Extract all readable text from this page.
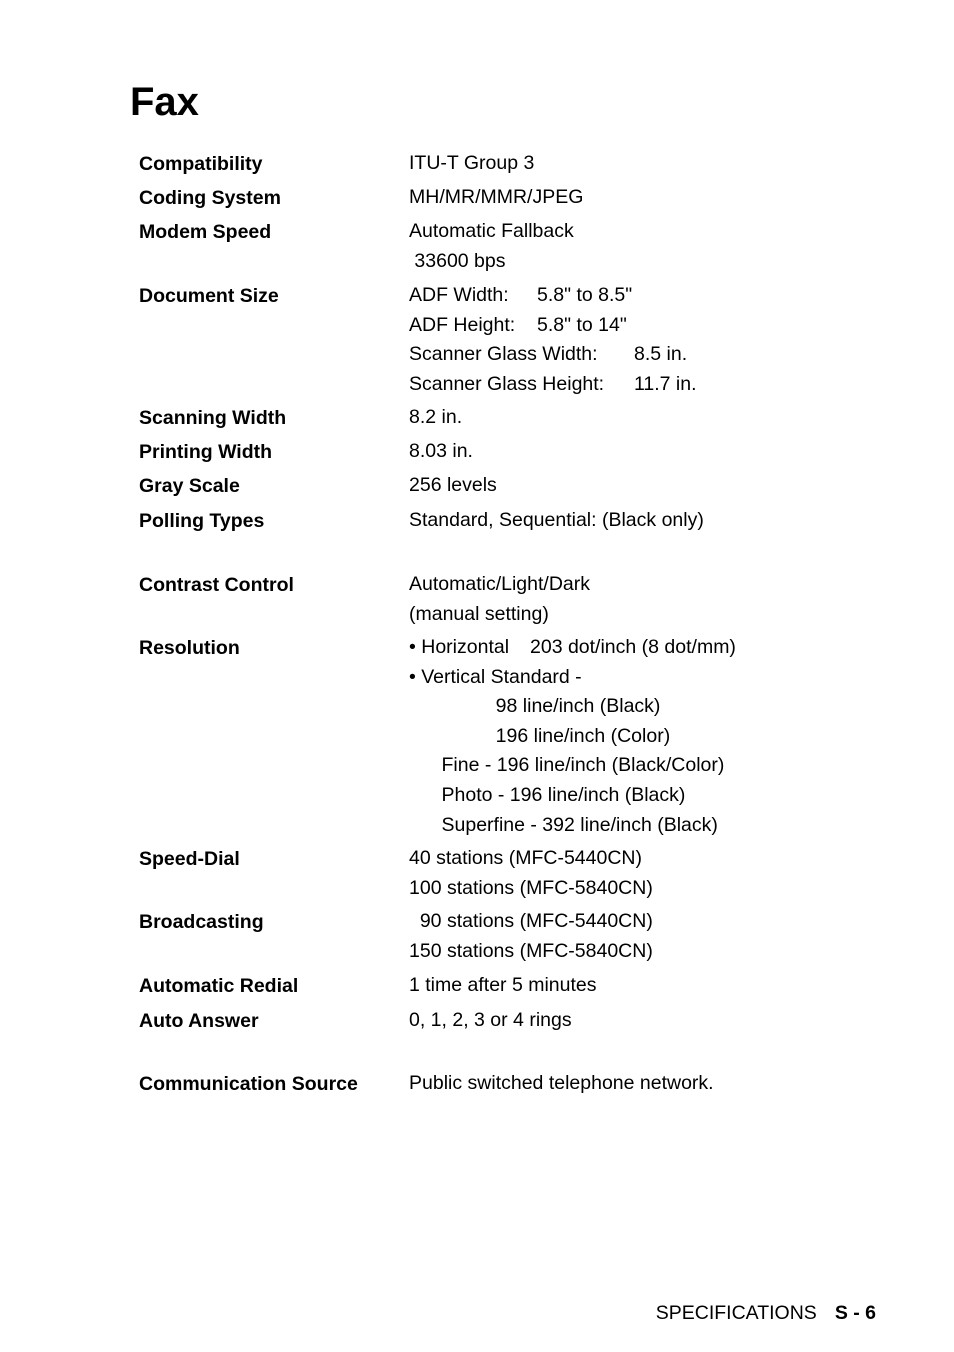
Fax
Compatibility	ITU-T Group 3
Coding System	MH/MR/MMR/JPEG
Modem Speed	Automatic Fallback
33600 bps
Document Size	ADF Width: 5.8" to 8.5"
ADF Height: 5.8" to 14"
Scanner Glass Width: 8.5 in.
Scanner Glass Height: 11.7 in.
Scanning Width	8.2 in.
Printing Width	8.03 in.
Gray Scale	256 levels
Polling Types	Standard, Sequential: (Black only)
Contrast Control	Automatic/Light/Dark
(manual setting)
Resolution	• Horizontal 203 dot/inch (8 dot/mm)
• Vertical Standard -
98 line/inch (Black)
196 line/inch (Color)
Fine - 196 line/inch (Black/Color)
Photo - 196 line/inch (Black)
Superfine - 392 line/inch (Black)
Speed-Dial	40 stations (MFC-5440CN)
100 stations (MFC-5840CN)
Broadcasting	90 stations (MFC-5440CN)
150 stations (MFC-5840CN)
Automatic Redial	1 time after 5 minutes
Auto Answer	0, 1, 2, 3 or 4 rings
Communication Source	Public switched telephone network.
SPECIFICATIONS S - 6
